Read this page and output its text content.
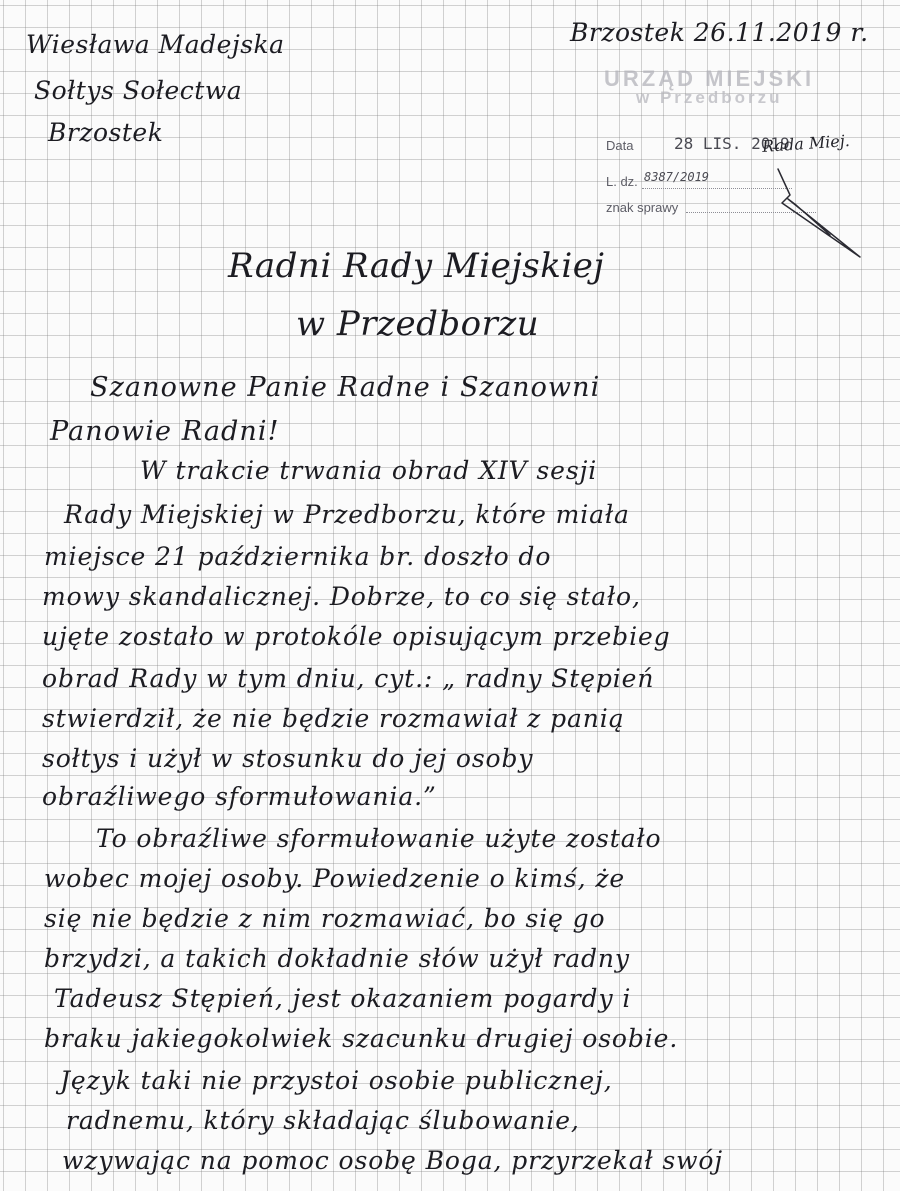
Wiesława Madejska
Sołtys Sołectwa
Brzostek
Brzostek 26.11.2019 r.
URZĄD MIEJSKI
w Przedborzu
Data	28 LIS. 2019
L. dz. 8387/2019
znak sprawy
Rada Miej.
Radni Rady Miejskiej
w Przedborzu
Szanowne Panie Radne i Szanowni
Panowie Radni!
W trakcie trwania obrad XIV sesji
Rady Miejskiej w Przedborzu, które miała
miejsce 21 października br. doszło do
mowy skandalicznej. Dobrze, to co się stało,
ujęte zostało w protokóle opisującym przebieg
obrad Rady w tym dniu, cyt.: „ radny Stępień
stwierdził, że nie będzie rozmawiał z panią
sołtys i użył w stosunku do jej osoby
obraźliwego sformułowania.”
To obraźliwe sformułowanie użyte zostało
wobec mojej osoby. Powiedzenie o kimś, że
się nie będzie z nim rozmawiać, bo się go
brzydzi, a takich dokładnie słów użył radny
Tadeusz Stępień, jest okazaniem pogardy i
braku jakiegokolwiek szacunku drugiej osobie.
Język taki nie przystoi osobie publicznej,
radnemu, który składając ślubowanie,
wzywając na pomoc osobę Boga, przyrzekał swój
